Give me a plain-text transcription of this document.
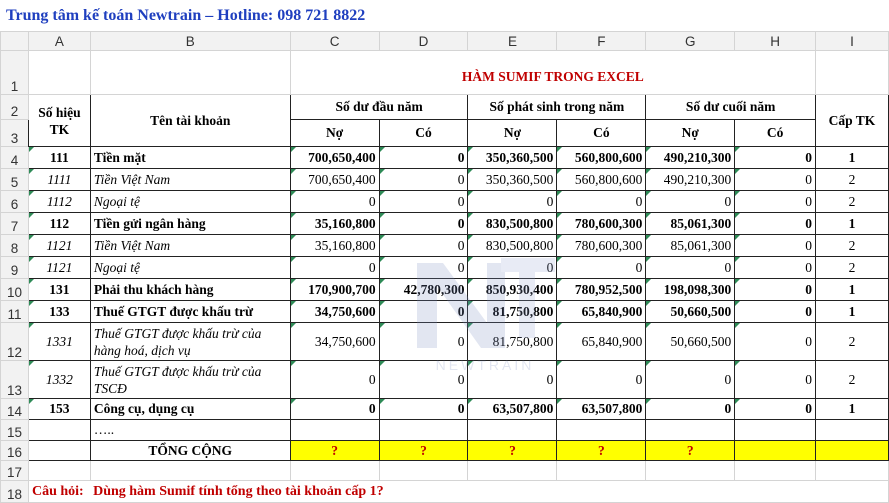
Trung tâm kế toán Newtrain – Hotline: 098 721 8822
	A	B	C	D	E	F	G	H	I
1			HÀM SUMIF TRONG EXCEL						
2	Số hiệu TK	Tên tài khoản	Số dư đầu năm		Số phát sinh trong năm		Số dư cuối năm		Cấp TK
3			Nợ	Có	Nợ	Có	Nợ	Có	
4	111	Tiền mặt	700,650,400	0	350,360,500	560,800,600	490,210,300	0	1
5	1111	Tiền Việt Nam	700,650,400	0	350,360,500	560,800,600	490,210,300	0	2
6	1112	Ngoại tệ	0	0	0	0	0	0	2
7	112	Tiền gửi ngân hàng	35,160,800	0	830,500,800	780,600,300	85,061,300	0	1
8	1121	Tiền Việt Nam	35,160,800	0	830,500,800	780,600,300	85,061,300	0	2
9	1121	Ngoại tệ	0	0	0	0	0	0	2
10	131	Phải thu khách hàng	170,900,700	42,780,300	850,930,400	780,952,500	198,098,300	0	1
11	133	Thuế GTGT được khấu trừ	34,750,600	0	81,750,800	65,840,900	50,660,500	0	1
12	1331	Thuế GTGT được khấu trừ của hàng hoá, dịch vụ	34,750,600	0	81,750,800	65,840,900	50,660,500	0	2
13	1332	Thuế GTGT được khấu trừ của TSCĐ	0	0	0	0	0	0	2
14	153	Công cụ, dụng cụ	0	0	63,507,800	63,507,800	0	0	1
15		…..							
16		TỔNG CỘNG	?	?	?	?	?		
17									
18	Câu hỏi: Dùng hàm Sumif tính tổng theo tài khoản cấp 1?								
NEWTRAIN
